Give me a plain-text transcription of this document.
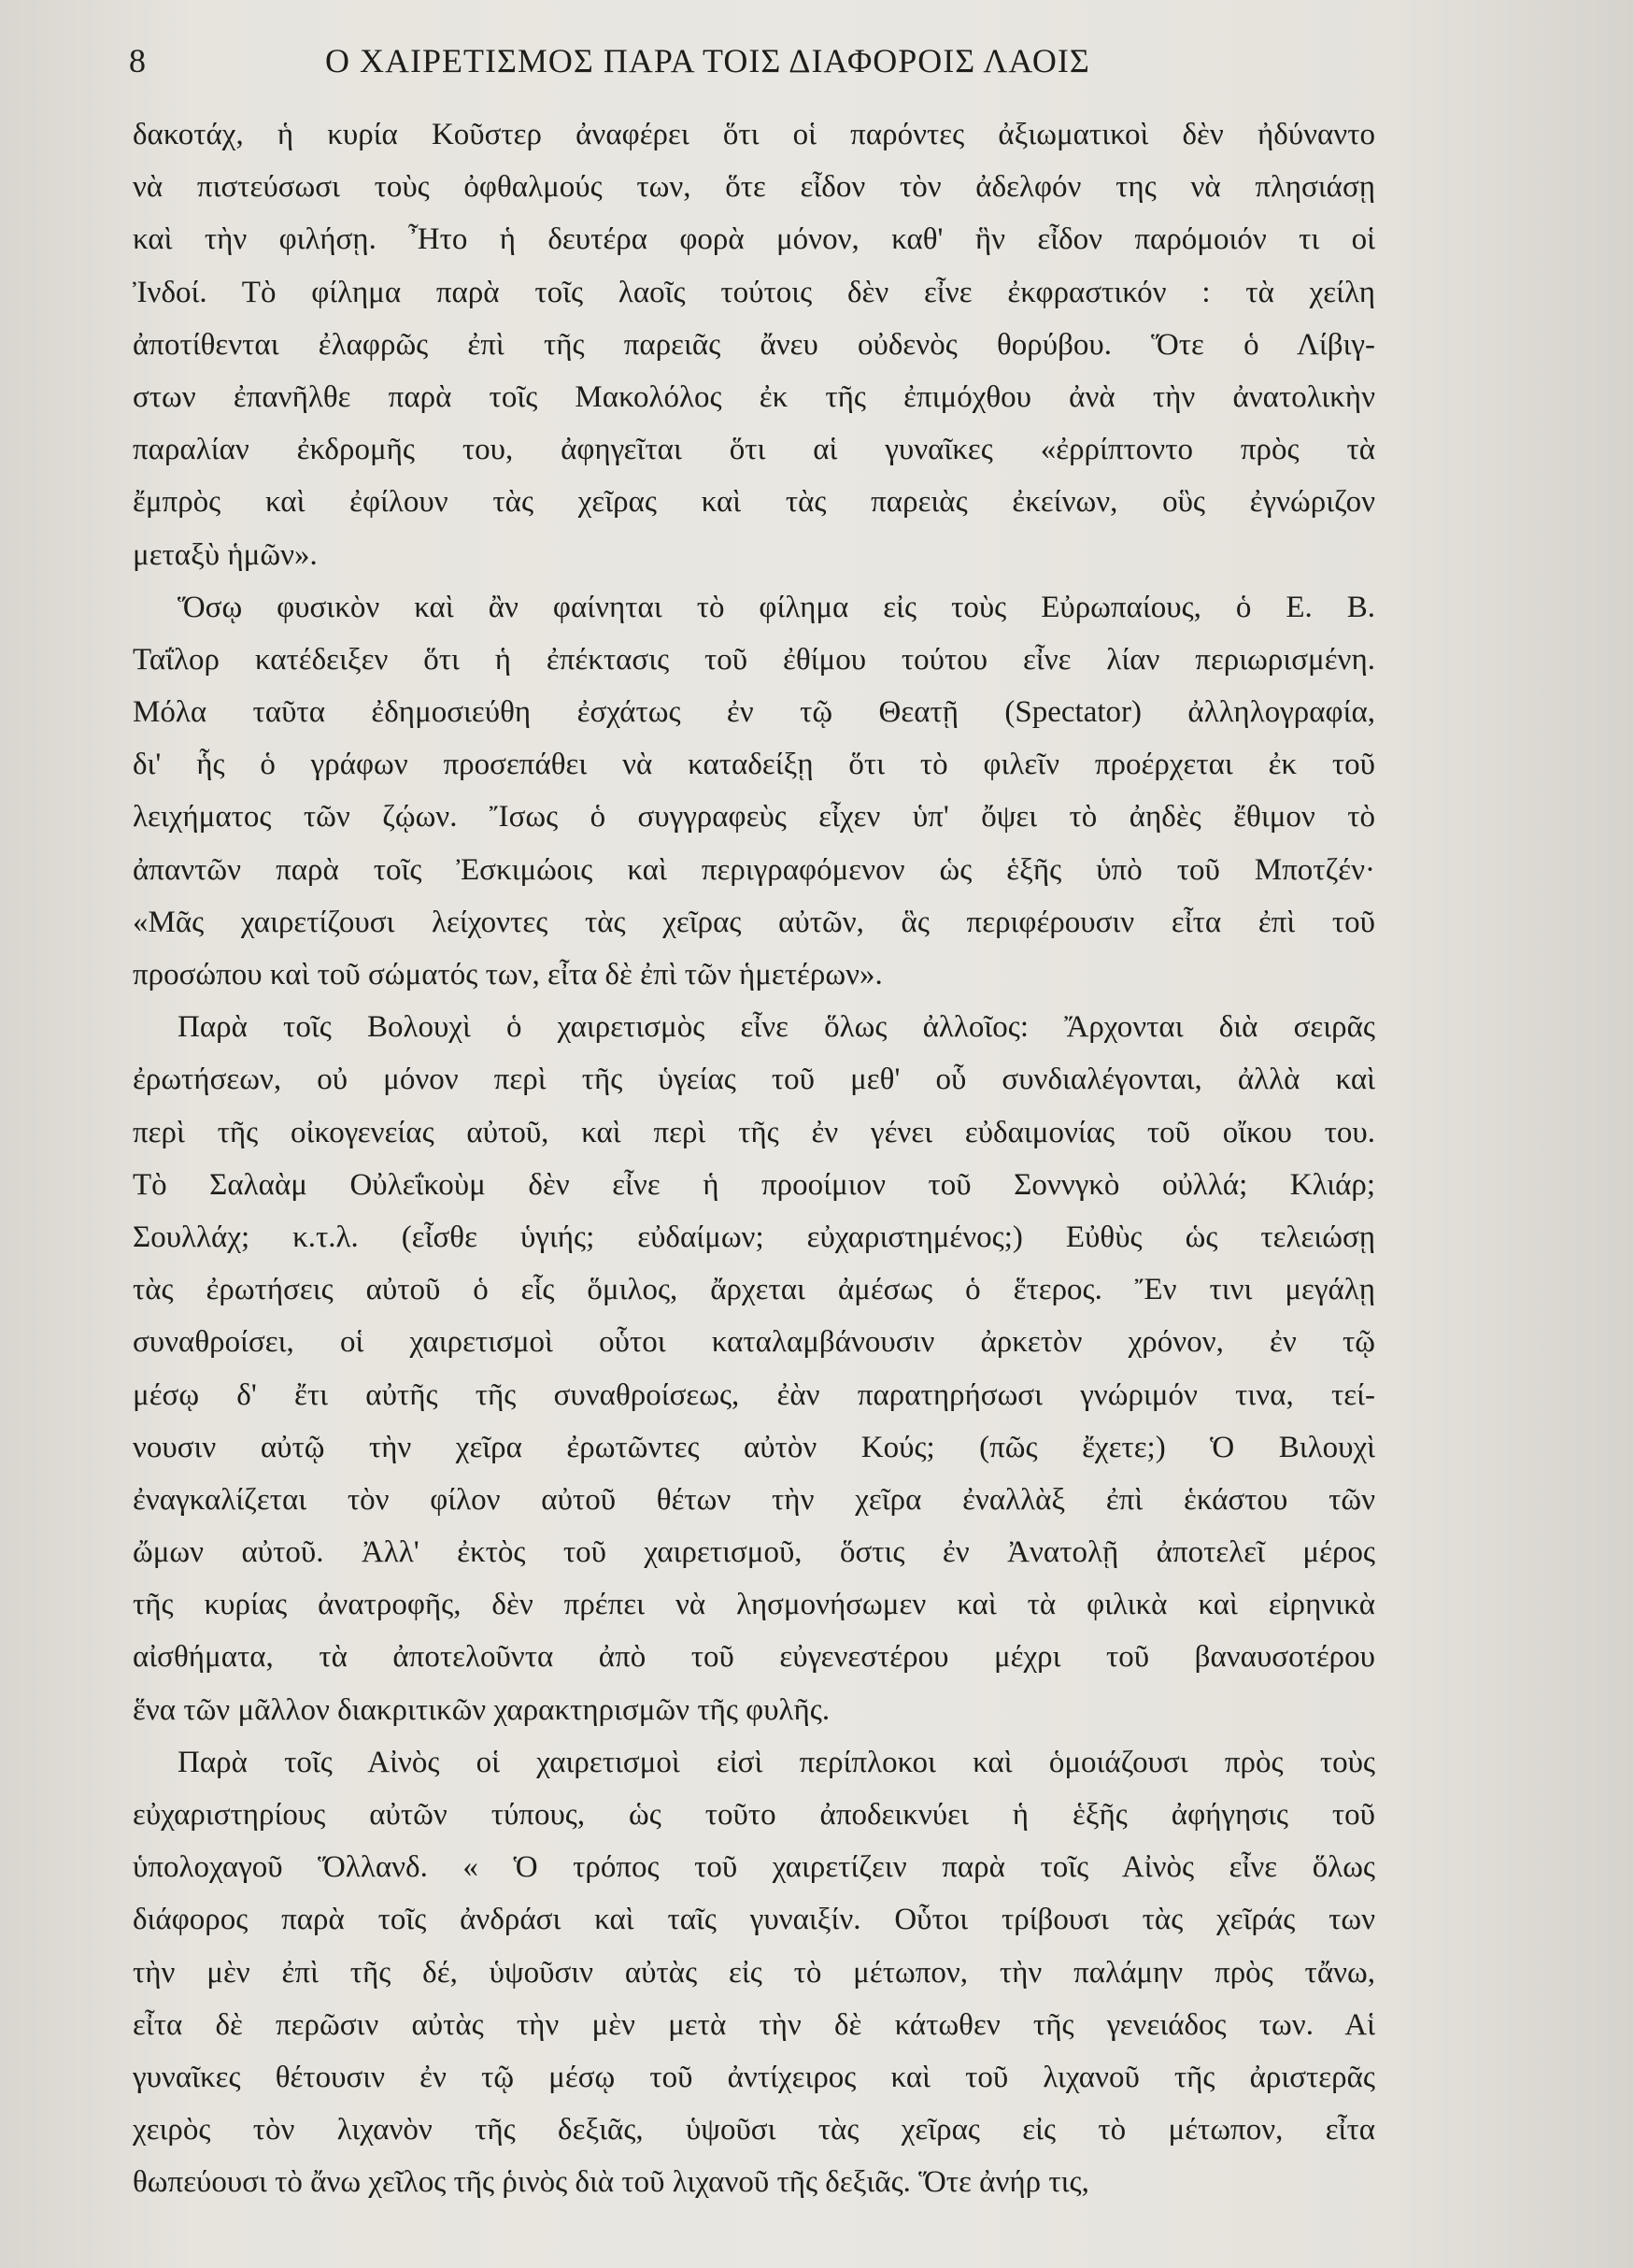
8	Ο ΧΑΙΡΕΤΙΣΜΟΣ ΠΑΡΑ ΤΟΙΣ ΔΙΑΦΟΡΟΙΣ ΛΑΟΙΣ
δακοτάχ, ἡ κυρία Κοῦστερ ἀναφέρει ὅτι οἱ παρόντες ἀξιωματικοὶ δὲν ἠδύναντο
νὰ πιστεύσωσι τοὺς ὀφθαλμούς των, ὅτε εἶδον τὸν ἀδελφόν της νὰ πλησιάσῃ
καὶ τὴν φιλήσῃ. Ἦτο ἡ δευτέρα φορὰ μόνον, καθ' ἣν εἶδον παρόμοιόν τι οἱ
Ἰνδοί. Τὸ φίλημα παρὰ τοῖς λαοῖς τούτοις δὲν εἶνε ἐκφραστικόν : τὰ χείλη
ἀποτίθενται ἐλαφρῶς ἐπὶ τῆς παρειᾶς ἄνευ οὐδενὸς θορύβου. Ὅτε ὁ Λίβιγ-
στων ἐπανῆλθε παρὰ τοῖς Μακολόλος ἐκ τῆς ἐπιμόχθου ἀνὰ τὴν ἀνατολικὴν
παραλίαν ἐκδρομῆς του, ἀφηγεῖται ὅτι αἱ γυναῖκες «ἐρρίπτοντο πρὸς τὰ
ἔμπρὸς καὶ ἐφίλουν τὰς χεῖρας καὶ τὰς παρειὰς ἐκείνων, οὓς ἐγνώριζον
μεταξὺ ἡμῶν».
Ὅσῳ φυσικὸν καὶ ἂν φαίνηται τὸ φίλημα εἰς τοὺς Εὐρωπαίους, ὁ Ε. Β.
Ταΐλορ κατέδειξεν ὅτι ἡ ἐπέκτασις τοῦ ἐθίμου τούτου εἶνε λίαν περιωρισμένη.
Μόλα ταῦτα ἐδημοσιεύθη ἐσχάτως ἐν τῷ Θεατῇ (Spectator) ἀλληλογραφία,
δι' ἧς ὁ γράφων προσεπάθει νὰ καταδείξῃ ὅτι τὸ φιλεῖν προέρχεται ἐκ τοῦ
λειχήματος τῶν ζῴων. Ἴσως ὁ συγγραφεὺς εἶχεν ὑπ' ὄψει τὸ ἀηδὲς ἔθιμον τὸ
ἀπαντῶν παρὰ τοῖς Ἐσκιμώοις καὶ περιγραφόμενον ὡς ἑξῆς ὑπὸ τοῦ Μποτζέν·
«Μᾶς χαιρετίζουσι λείχοντες τὰς χεῖρας αὐτῶν, ἃς περιφέρουσιν εἶτα ἐπὶ τοῦ
προσώπου καὶ τοῦ σώματός των, εἶτα δὲ ἐπὶ τῶν ἡμετέρων».
Παρὰ τοῖς Βολουχὶ ὁ χαιρετισμὸς εἶνε ὅλως ἀλλοῖος: Ἄρχονται διὰ σειρᾶς
ἐρωτήσεων, οὐ μόνον περὶ τῆς ὑγείας τοῦ μεθ' οὗ συνδιαλέγονται, ἀλλὰ καὶ
περὶ τῆς οἰκογενείας αὐτοῦ, καὶ περὶ τῆς ἐν γένει εὐδαιμονίας τοῦ οἴκου του.
Τὸ Σαλαὰμ Οὐλεΐκοὺμ δὲν εἶνε ἡ προοίμιον τοῦ Σοννγκὸ οὐλλά; Κλιάρ;
Σουλλάχ; κ.τ.λ. (εἶσθε ὑγιής; εὐδαίμων; εὐχαριστημένος;) Εὐθὺς ὡς τελειώσῃ
τὰς ἐρωτήσεις αὐτοῦ ὁ εἷς ὅμιλος, ἄρχεται ἀμέσως ὁ ἕτερος. Ἔν τινι μεγάλῃ
συναθροίσει, οἱ χαιρετισμοὶ οὗτοι καταλαμβάνουσιν ἀρκετὸν χρόνον, ἐν τῷ
μέσῳ δ' ἔτι αὐτῆς τῆς συναθροίσεως, ἐὰν παρατηρήσωσι γνώριμόν τινα, τεί-
νουσιν αὐτῷ τὴν χεῖρα ἐρωτῶντες αὐτὸν Κούς; (πῶς ἔχετε;) Ὁ Βιλουχὶ
ἐναγκαλίζεται τὸν φίλον αὐτοῦ θέτων τὴν χεῖρα ἐναλλὰξ ἐπὶ ἑκάστου τῶν
ὤμων αὐτοῦ. Ἀλλ' ἐκτὸς τοῦ χαιρετισμοῦ, ὅστις ἐν Ἀνατολῇ ἀποτελεῖ μέρος
τῆς κυρίας ἀνατροφῆς, δὲν πρέπει νὰ λησμονήσωμεν καὶ τὰ φιλικὰ καὶ εἰρηνικὰ
αἰσθήματα, τὰ ἀποτελοῦντα ἀπὸ τοῦ εὐγενεστέρου μέχρι τοῦ βαναυσοτέρου
ἕνα τῶν μᾶλλον διακριτικῶν χαρακτηρισμῶν τῆς φυλῆς.
Παρὰ τοῖς Αἰνὸς οἱ χαιρετισμοὶ εἰσὶ περίπλοκοι καὶ ὁμοιάζουσι πρὸς τοὺς
εὐχαριστηρίους αὐτῶν τύπους, ὡς τοῦτο ἀποδεικνύει ἡ ἑξῆς ἀφήγησις τοῦ
ὑπολοχαγοῦ Ὅλλανδ. « Ὁ τρόπος τοῦ χαιρετίζειν παρὰ τοῖς Αἰνὸς εἶνε ὅλως
διάφορος παρὰ τοῖς ἀνδράσι καὶ ταῖς γυναιξίν. Οὗτοι τρίβουσι τὰς χεῖράς των
τὴν μὲν ἐπὶ τῆς δέ, ὑψοῦσιν αὐτὰς εἰς τὸ μέτωπον, τὴν παλάμην πρὸς τἄνω,
εἶτα δὲ περῶσιν αὐτὰς τὴν μὲν μετὰ τὴν δὲ κάτωθεν τῆς γενειάδος των. Αἱ
γυναῖκες θέτουσιν ἐν τῷ μέσῳ τοῦ ἀντίχειρος καὶ τοῦ λιχανοῦ τῆς ἀριστερᾶς
χειρὸς τὸν λιχανὸν τῆς δεξιᾶς, ὑψοῦσι τὰς χεῖρας εἰς τὸ μέτωπον, εἶτα
θωπεύουσι τὸ ἄνω χεῖλος τῆς ῥινὸς διὰ τοῦ λιχανοῦ τῆς δεξιᾶς. Ὅτε ἀνήρ τις,
